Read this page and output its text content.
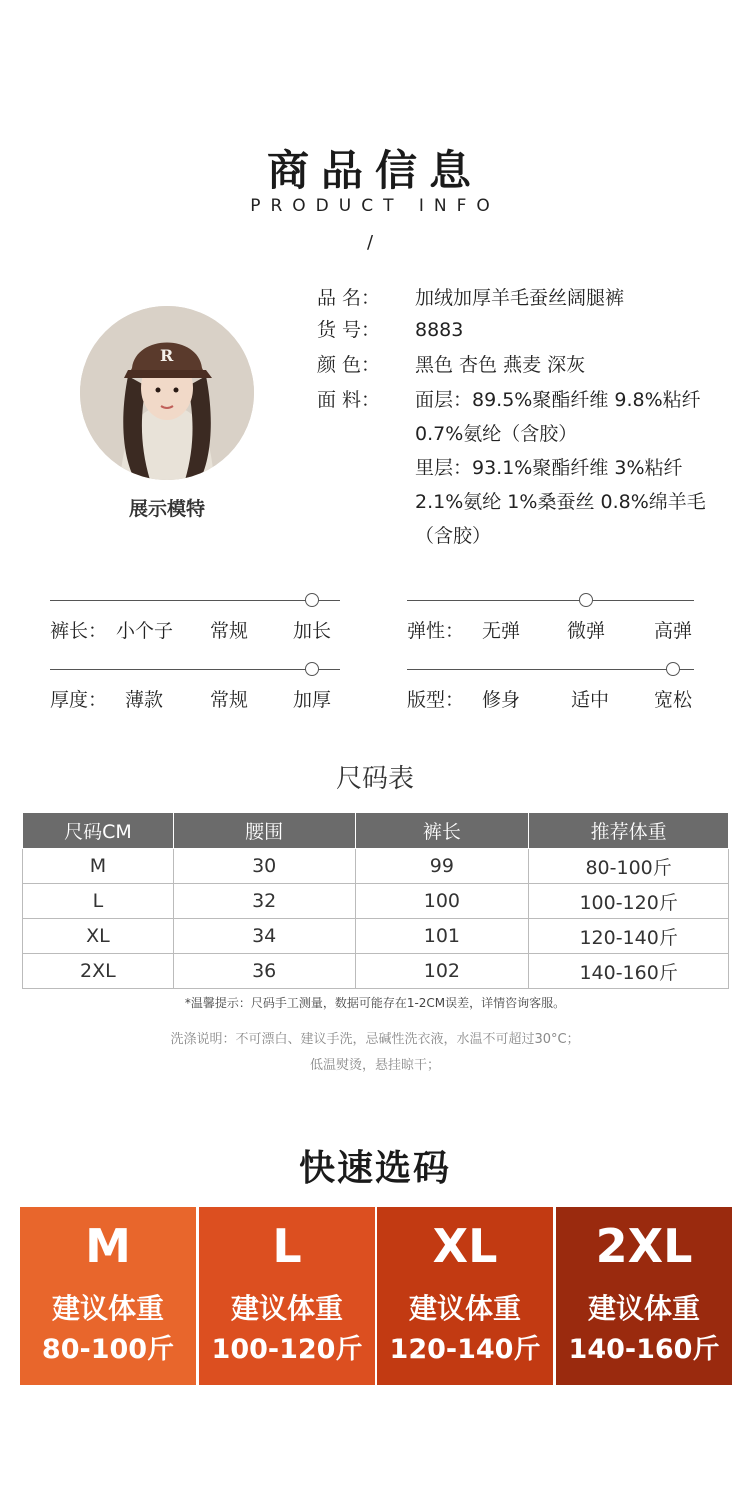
商品信息
PRODUCT INFO
/
R
展示模特
品 名： 加绒加厚羊毛蚕丝阔腿裤
货 号： 8883
颜 色： 黑色 杏色 燕麦 深灰
面 料：	面层：89.5%聚酯纤维 9.8%粘纤
0.7%氨纶（含胶）
里层：93.1%聚酯纤维 3%粘纤
2.1%氨纶 1%桑蚕丝 0.8%绵羊毛
（含胶）
裤长： 小个子 常规 加长	弹性： 无弹 微弹	高弹
厚度： 薄款 常规 加厚	版型： 修身	适中 宽松
尺码表
尺码CM	腰围	裤长	推荐体重
M	30	99	80-100斤
L	32	100	100-120斤
XL	34	101	120-140斤
2XL	36	102	140-160斤
*温馨提示：尺码手工测量，数据可能存在1-2CM误差，详情咨询客服。
洗涤说明：不可漂白、建议手洗，忌碱性洗衣液，水温不可超过30°C；
低温熨烫，悬挂晾干；
快速选码
M
建议体重
80-100斤
L
建议体重
100-120斤
XL
建议体重
120-140斤
2XL
建议体重
140-160斤
